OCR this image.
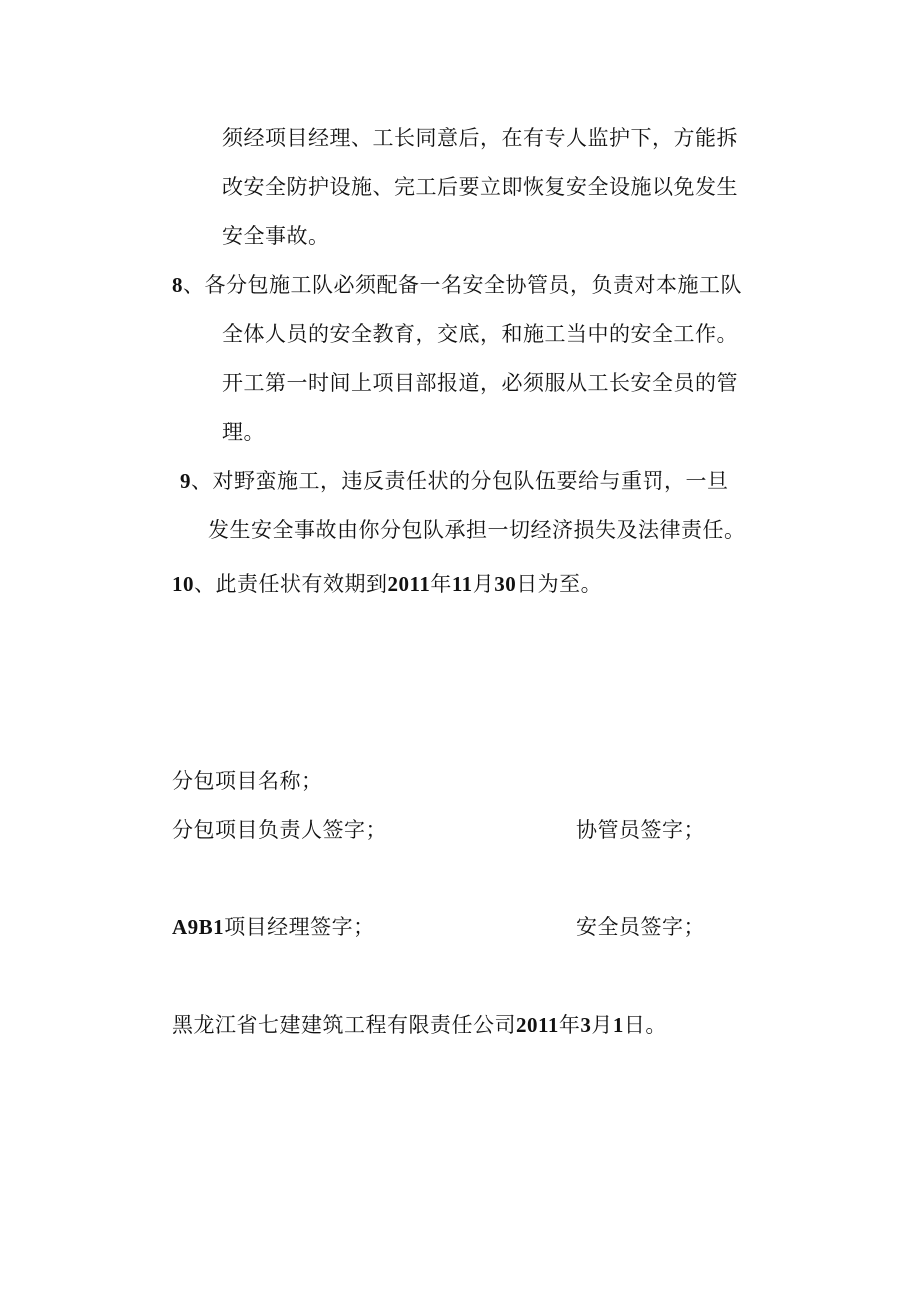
须经项目经理、工长同意后，在有专人监护下，方能拆
改安全防护设施、完工后要立即恢复安全设施以免发生
安全事故。
8、各分包施工队必须配备一名安全协管员，负责对本施工队
全体人员的安全教育，交底，和施工当中的安全工作。
开工第一时间上项目部报道，必须服从工长安全员的管
理。
9、对野蛮施工，违反责任状的分包队伍要给与重罚，一旦
发生安全事故由你分包队承担一切经济损失及法律责任。
10、此责任状有效期到2011年11月30日为至。
分包项目名称；
分包项目负责人签字；	协管员签字；
A9B1项目经理签字；	安全员签字；
黑龙江省七建建筑工程有限责任公司2011年3月1日。
